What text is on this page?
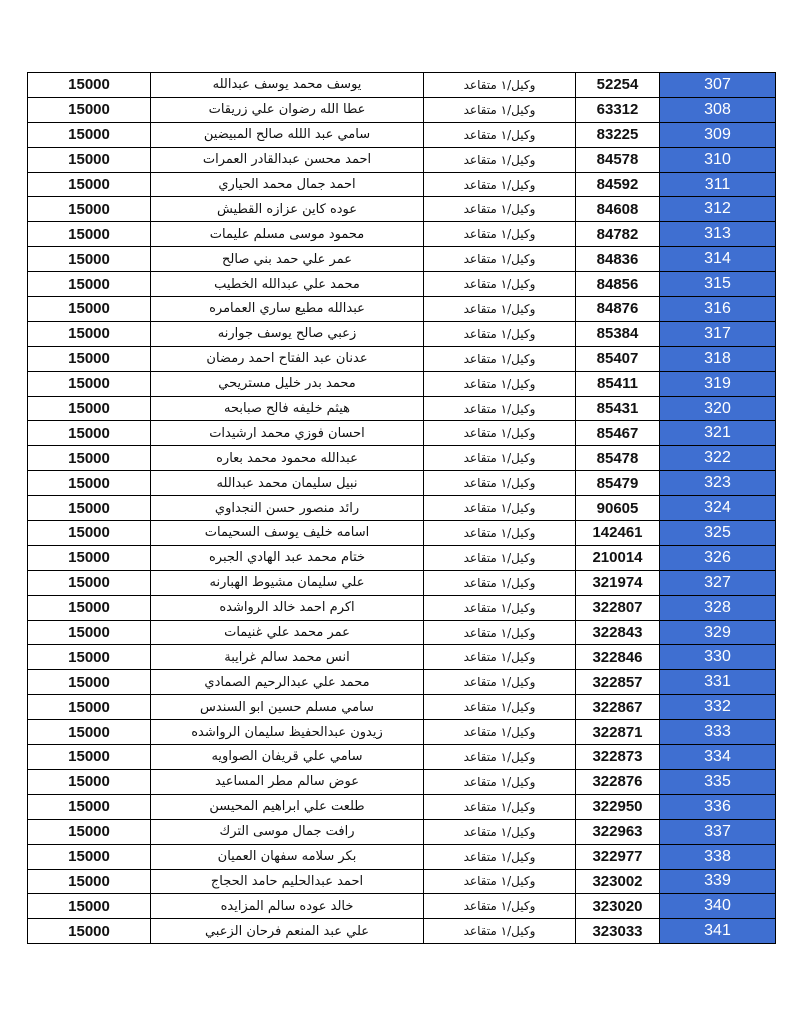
15000	يوسف محمد يوسف عبدالله	وكيل/١ متقاعد	52254	307
15000	عطا الله رضوان علي زريقات	وكيل/١ متقاعد	63312	308
15000	سامي عبد اللله صالح المبيضين	وكيل/١ متقاعد	83225	309
15000	احمد محسن عبدالقادر العمرات	وكيل/١ متقاعد	84578	310
15000	احمد جمال محمد الحياري	وكيل/١ متقاعد	84592	311
15000	عوده كاين عزازه القطيش	وكيل/١ متقاعد	84608	312
15000	محمود موسى مسلم عليمات	وكيل/١ متقاعد	84782	313
15000	عمر علي حمد بني صالح	وكيل/١ متقاعد	84836	314
15000	محمد علي عبدالله الخطيب	وكيل/١ متقاعد	84856	315
15000	عبدالله مطيع ساري العمامره	وكيل/١ متقاعد	84876	316
15000	زعبي صالح يوسف جوارنه	وكيل/١ متقاعد	85384	317
15000	عدنان عبد الفتاح احمد رمضان	وكيل/١ متقاعد	85407	318
15000	محمد بدر خليل مستريحي	وكيل/١ متقاعد	85411	319
15000	هيثم خليفه فالح صبابحه	وكيل/١ متقاعد	85431	320
15000	احسان فوزي محمد ارشيدات	وكيل/١ متقاعد	85467	321
15000	عبدالله محمود محمد بعاره	وكيل/١ متقاعد	85478	322
15000	نبيل سليمان محمد عبدالله	وكيل/١ متقاعد	85479	323
15000	رائد منصور حسن النجداوي	وكيل/١ متقاعد	90605	324
15000	اسامه خليف يوسف السحيمات	وكيل/١ متقاعد	142461	325
15000	ختام محمد عبد الهادي الجبره	وكيل/١ متقاعد	210014	326
15000	علي سليمان مشيوط الهبارنه	وكيل/١ متقاعد	321974	327
15000	اكرم احمد خالد الرواشده	وكيل/١ متقاعد	322807	328
15000	عمر محمد علي غنيمات	وكيل/١ متقاعد	322843	329
15000	انس محمد سالم غرايبة	وكيل/١ متقاعد	322846	330
15000	محمد علي عبدالرحيم الصمادي	وكيل/١ متقاعد	322857	331
15000	سامي مسلم حسين ابو السندس	وكيل/١ متقاعد	322867	332
15000	زيدون عبدالحفيظ سليمان الرواشده	وكيل/١ متقاعد	322871	333
15000	سامي علي قريفان الصواويه	وكيل/١ متقاعد	322873	334
15000	عوض سالم مطر المساعيد	وكيل/١ متقاعد	322876	335
15000	طلعت علي ابراهيم المحيسن	وكيل/١ متقاعد	322950	336
15000	رافت جمال موسى الترك	وكيل/١ متقاعد	322963	337
15000	بكر سلامه سفهان العميان	وكيل/١ متقاعد	322977	338
15000	احمد عبدالحليم حامد الحجاج	وكيل/١ متقاعد	323002	339
15000	خالد عوده سالم المزايده	وكيل/١ متقاعد	323020	340
15000	علي عبد المنعم فرحان الزعبي	وكيل/١ متقاعد	323033	341
